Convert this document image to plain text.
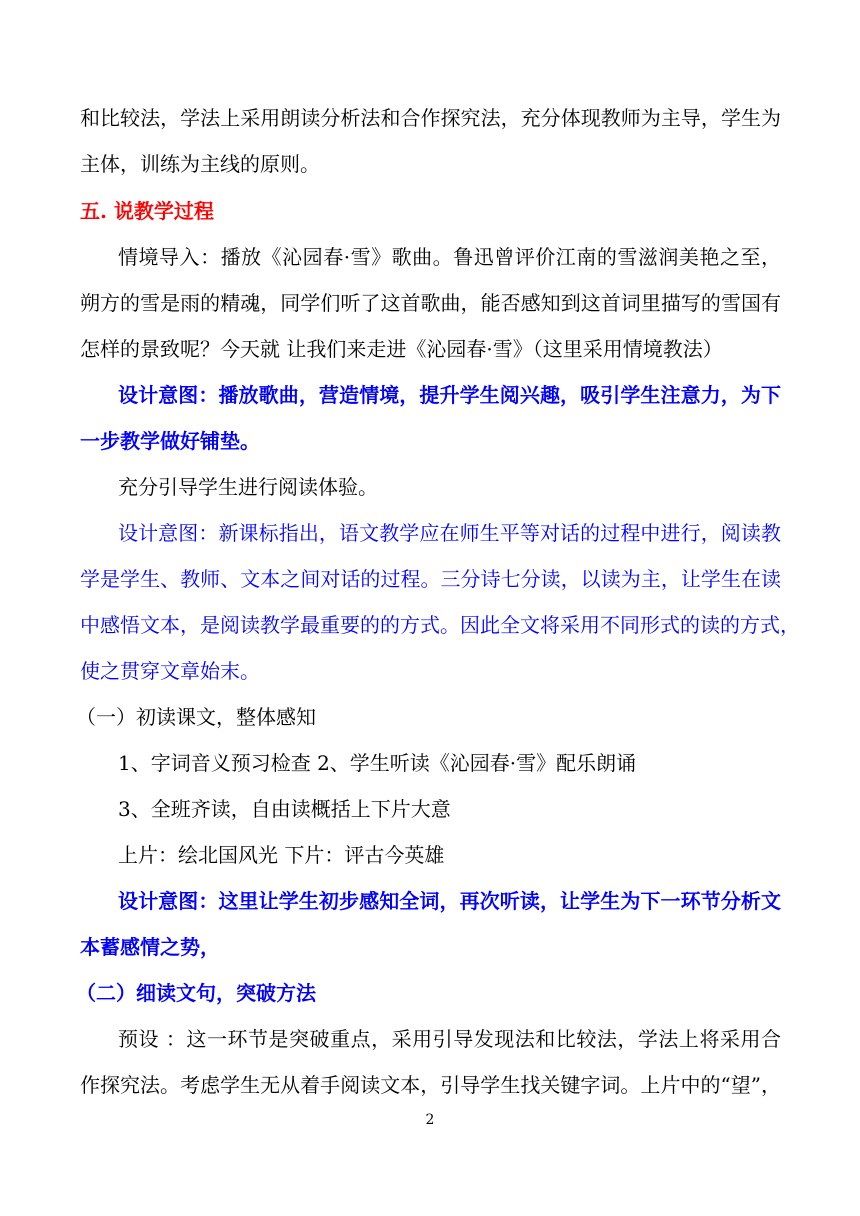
和比较法，学法上采用朗读分析法和合作探究法，充分体现教师为主导，学生为
主体，训练为主线的原则。
五. 说教学过程
情境导入：播放《沁园春·雪》歌曲。鲁迅曾评价江南的雪滋润美艳之至，
朔方的雪是雨的精魂，同学们听了这首歌曲，能否感知到这首词里描写的雪国有
怎样的景致呢？今天就 让我们来走进《沁园春·雪》（这里采用情境教法）
设计意图：播放歌曲，营造情境，提升学生阅兴趣，吸引学生注意力，为下
一步教学做好铺垫。
充分引导学生进行阅读体验。
设计意图：新课标指出，语文教学应在师生平等对话的过程中进行，阅读教
学是学生、教师、文本之间对话的过程。三分诗七分读，以读为主，让学生在读
中感悟文本，是阅读教学最重要的的方式。因此全文将采用不同形式的读的方式，
使之贯穿文章始末。
（一）初读课文，整体感知
1、字词音义预习检查 2、学生听读《沁园春·雪》配乐朗诵
3、全班齐读，自由读概括上下片大意
上片：绘北国风光 下片：评古今英雄
设计意图：这里让学生初步感知全词，再次听读，让学生为下一环节分析文
本蓄感情之势，
（二）细读文句，突破方法
预设 ：这一环节是突破重点，采用引导发现法和比较法，学法上将采用合
作探究法。考虑学生无从着手阅读文本，引导学生找关键字词。上片中的“望”，
2
